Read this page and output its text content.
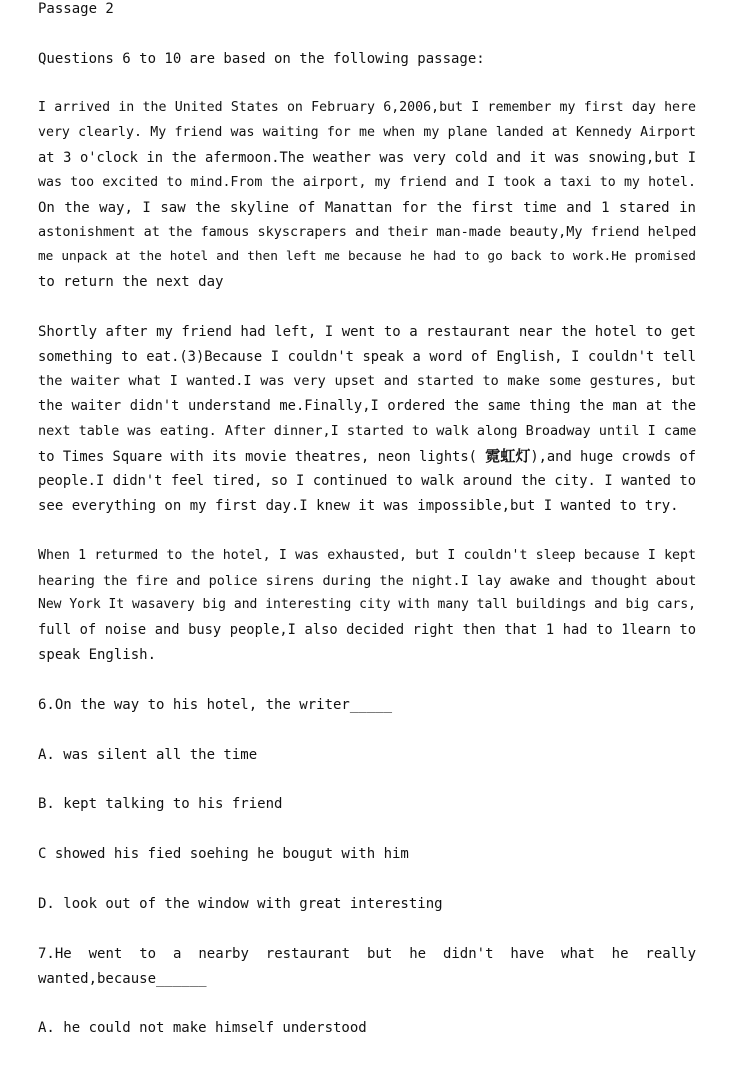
Passage 2
Questions 6 to 10 are based on the following passage:
I arrived in the United States on February 6,2006,but I remember my first day here
very clearly. My friend was waiting for me when my plane landed at Kennedy Airport
at 3 o'clock in the afermoon.The weather was very cold and it was snowing,but I
was too excited to mind.From the airport, my friend and I took a taxi to my hotel.
On the way, I saw the skyline of Manattan for the first time and 1 stared in
astonishment at the famous skyscrapers and their man-made beauty,My friend helped
me unpack at the hotel and then left me because he had to go back to work.He promised
to return the next day
Shortly after my friend had left, I went to a restaurant near the hotel to get
something to eat.(3)Because I couldn't speak a word of English, I couldn't tell
the waiter what I wanted.I was very upset and started to make some gestures, but
the waiter didn't understand me.Finally,I ordered the same thing the man at the
next table was eating. After dinner,I started to walk along Broadway until I came
to Times Square with its movie theatres, neon lights( 霓虹灯),and huge crowds of
people.I didn't feel tired, so I continued to walk around the city. I wanted to
see everything on my first day.I knew it was impossible,but I wanted to try.
When 1 returmed to the hotel, I was exhausted, but I couldn't sleep because I kept
hearing the fire and police sirens during the night.I lay awake and thought about
New York It wasavery big and interesting city with many tall buildings and big cars,
full of noise and busy people,I also decided right then that 1 had to 1learn to
speak English.
6.On the way to his hotel, the writer_____
A. was silent all the time
B. kept talking to his friend
C showed his fied soehing he bougut with him
D. look out of the window with great interesting
7.He went to a nearby restaurant but he didn't have what he really
wanted,because______
A. he could not make himself understood
